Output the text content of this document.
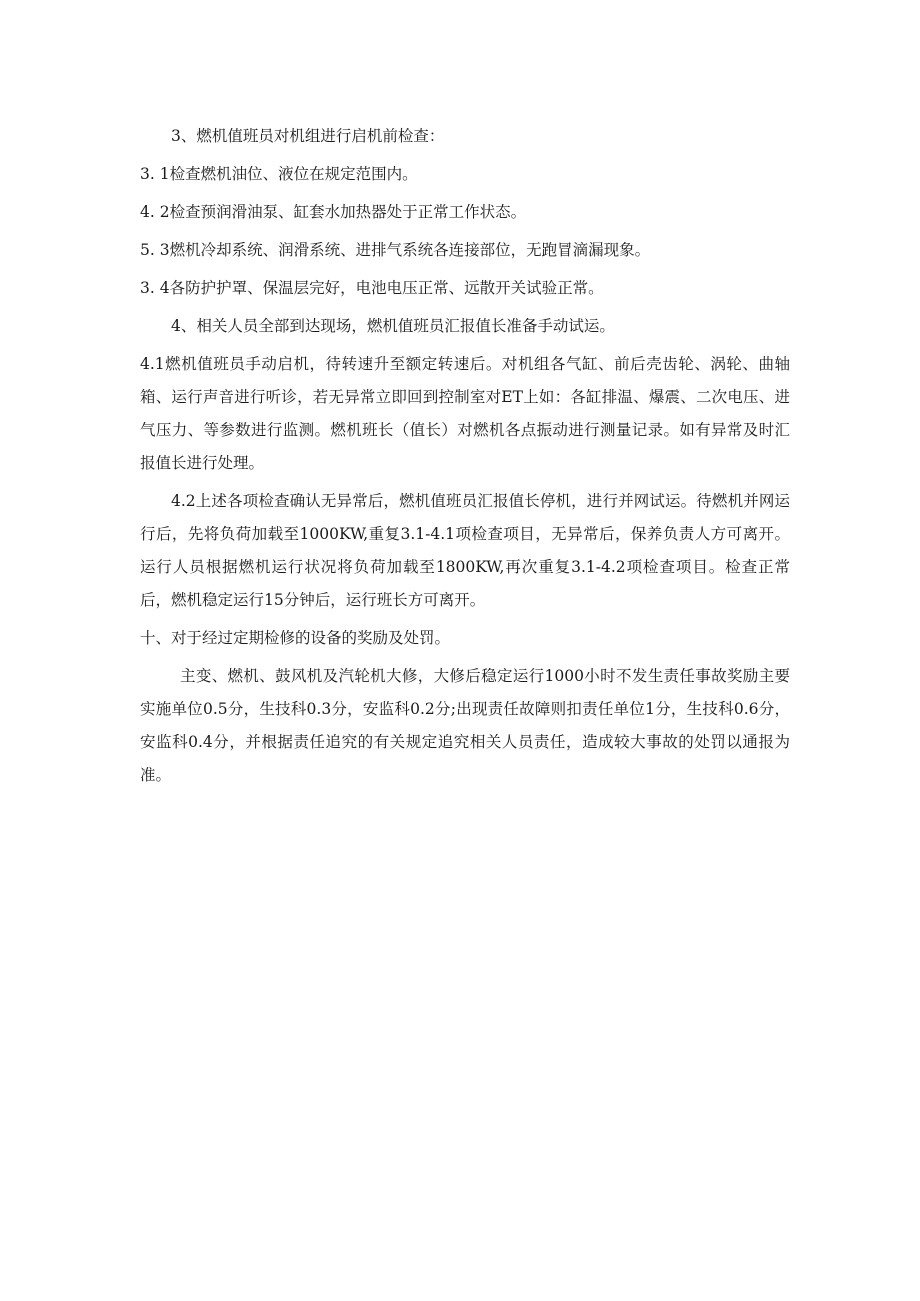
3、燃机值班员对机组进行启机前检查：

3. 1检查燃机油位、液位在规定范围内。

4. 2检查预润滑油泵、缸套水加热器处于正常工作状态。

5. 3燃机冷却系统、润滑系统、进排气系统各连接部位，无跑冒滴漏现象。

3. 4各防护护罩、保温层完好，电池电压正常、远散开关试验正常。

4、相关人员全部到达现场，燃机值班员汇报值长准备手动试运。

4.1燃机值班员手动启机，待转速升至额定转速后。对机组各气缸、前后壳齿轮、涡轮、曲轴箱、运行声音进行听诊，若无异常立即回到控制室对ET上如：各缸排温、爆震、二次电压、进气压力、等参数进行监测。燃机班长（值长）对燃机各点振动进行测量记录。如有异常及时汇报值长进行处理。

4.2上述各项检查确认无异常后，燃机值班员汇报值长停机，进行并网试运。待燃机并网运行后，先将负荷加载至1000KW,重复3.1-4.1项检查项目，无异常后，保养负责人方可离开。运行人员根据燃机运行状况将负荷加载至1800KW,再次重复3.1-4.2项检查项目。检查正常后，燃机稳定运行15分钟后，运行班长方可离开。

十、对于经过定期检修的设备的奖励及处罚。

主变、燃机、鼓风机及汽轮机大修，大修后稳定运行1000小时不发生责任事故奖励主要实施单位0.5分，生技科0.3分，安监科0.2分;出现责任故障则扣责任单位1分，生技科0.6分，安监科0.4分，并根据责任追究的有关规定追究相关人员责任，造成较大事故的处罚以通报为准。
